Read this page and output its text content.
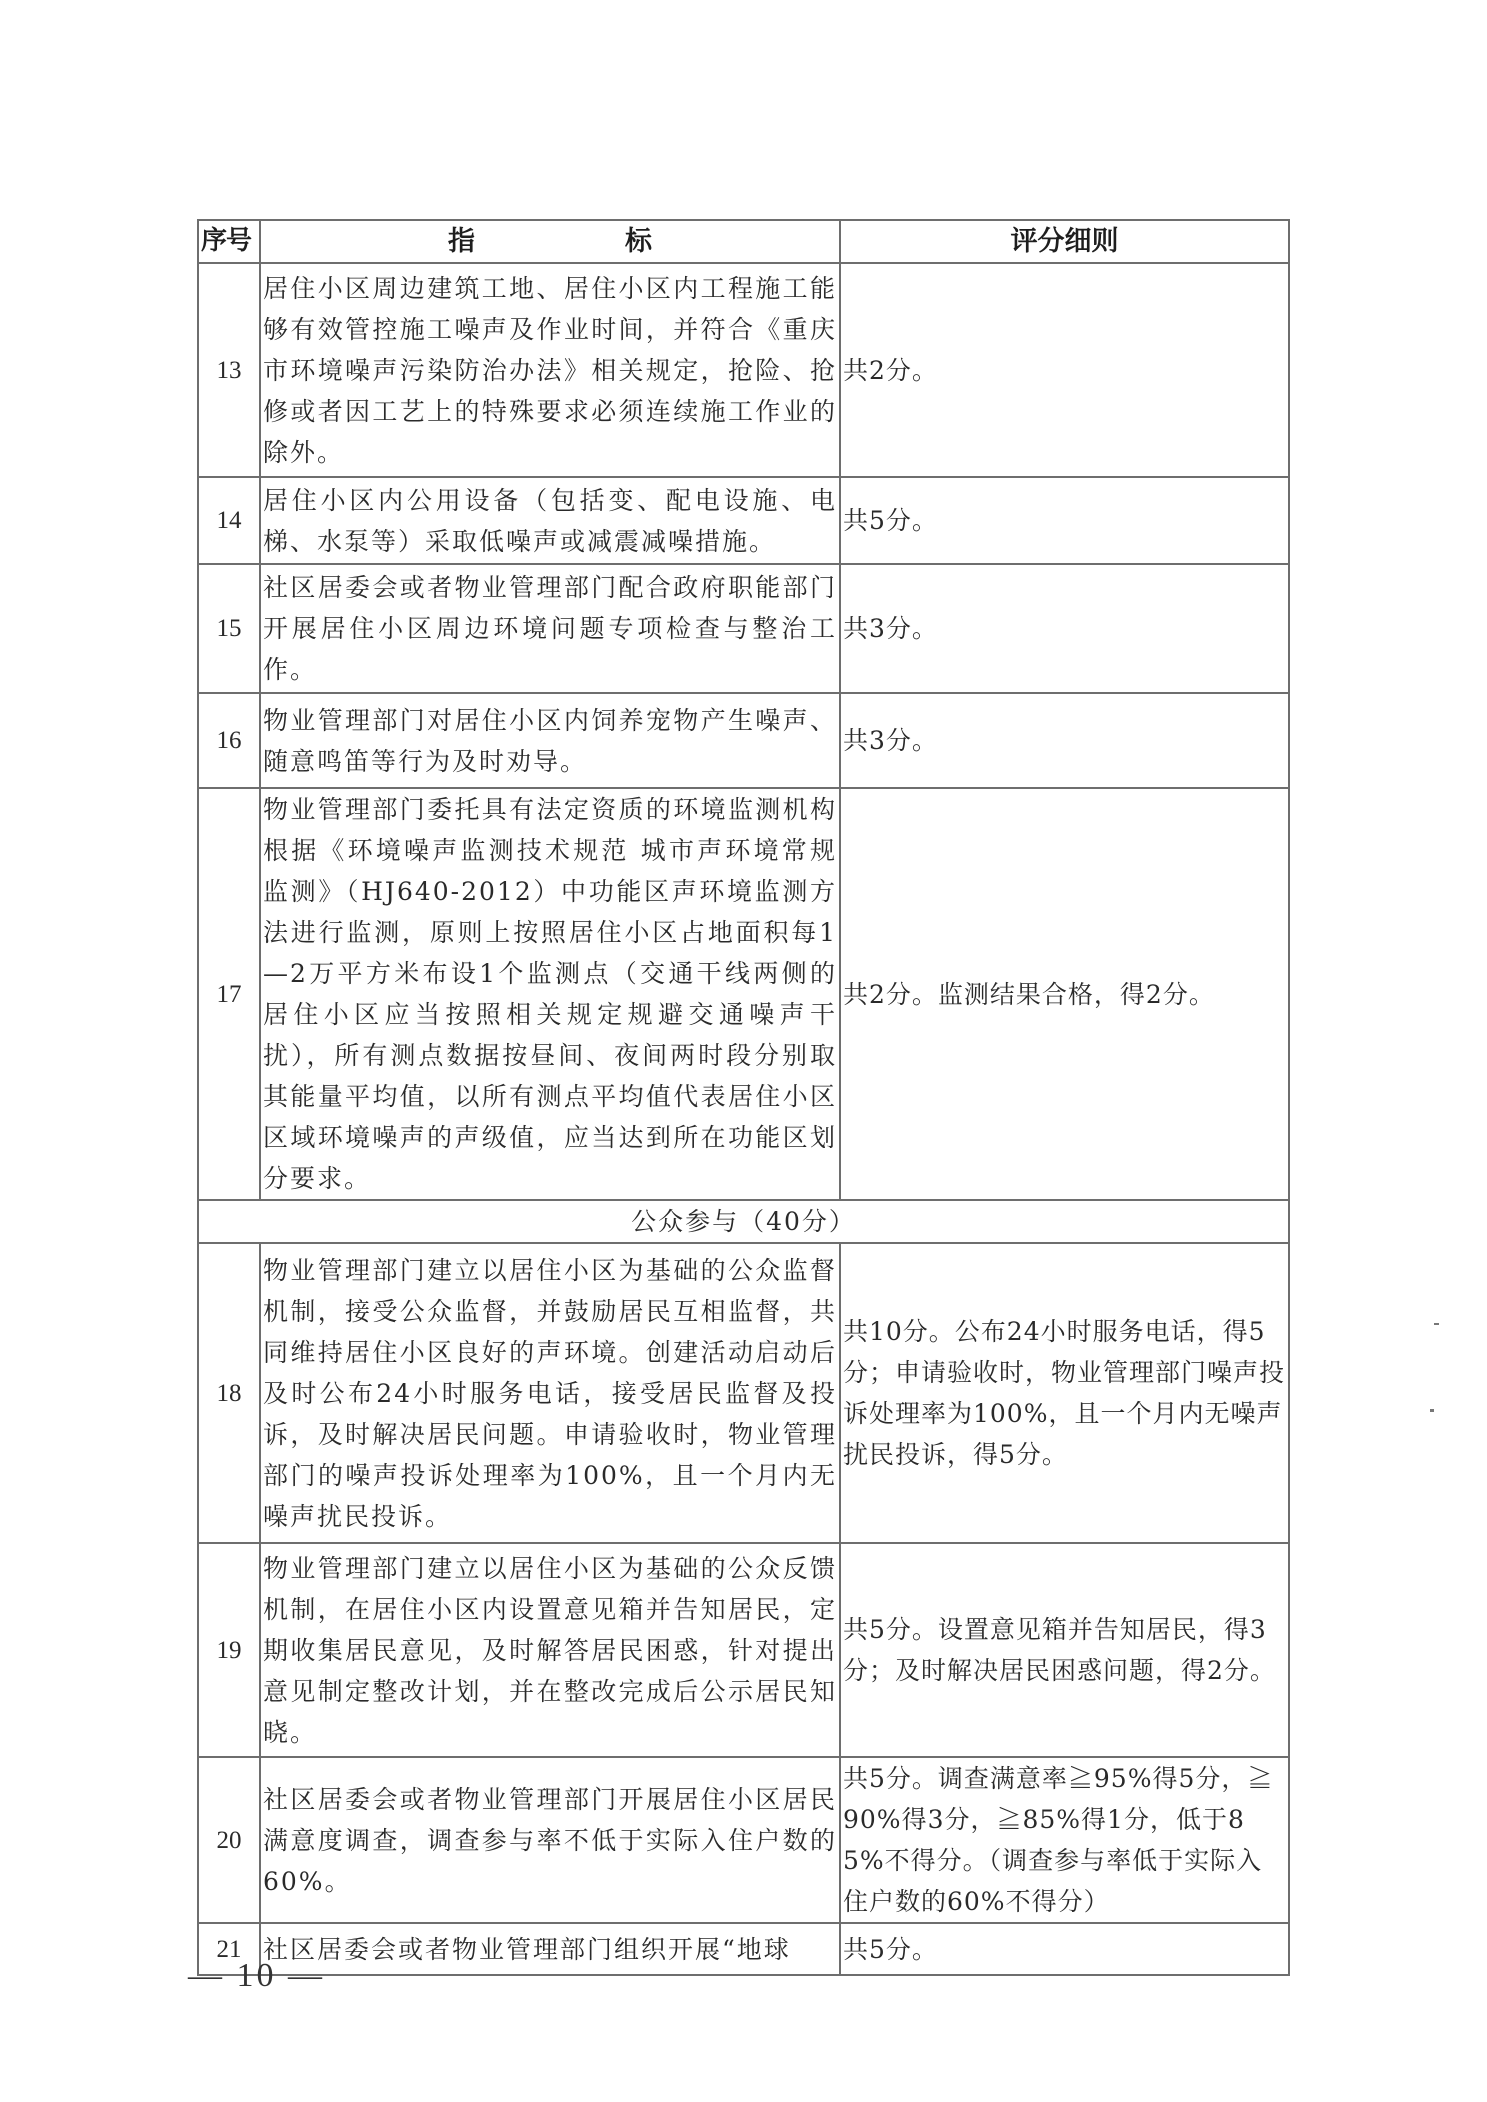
序号	指 标	评分细则
13	居住小区周边建筑工地、居住小区内工程施工能够有效管控施工噪声及作业时间，并符合《重庆市环境噪声污染防治办法》相关规定，抢险、抢修或者因工艺上的特殊要求必须连续施工作业的除外。	共2分。
14	居住小区内公用设备（包括变、配电设施、电梯、水泵等）采取低噪声或减震减噪措施。	共5分。
15	社区居委会或者物业管理部门配合政府职能部门开展居住小区周边环境问题专项检查与整治工作。	共3分。
16	物业管理部门对居住小区内饲养宠物产生噪声、随意鸣笛等行为及时劝导。	共3分。
17	物业管理部门委托具有法定资质的环境监测机构根据《环境噪声监测技术规范 城市声环境常规监测》（HJ640-2012）中功能区声环境监测方法进行监测，原则上按照居住小区占地面积每1—2万平方米布设1个监测点（交通干线两侧的居住小区应当按照相关规定规避交通噪声干扰），所有测点数据按昼间、夜间两时段分别取其能量平均值，以所有测点平均值代表居住小区区域环境噪声的声级值，应当达到所在功能区划分要求。	共2分。监测结果合格，得2分。
公众参与（40分）		
18	物业管理部门建立以居住小区为基础的公众监督机制，接受公众监督，并鼓励居民互相监督，共同维持居住小区良好的声环境。创建活动启动后及时公布24小时服务电话，接受居民监督及投诉，及时解决居民问题。申请验收时，物业管理部门的噪声投诉处理率为100%，且一个月内无噪声扰民投诉。	共10分。公布24小时服务电话，得5分；申请验收时，物业管理部门噪声投诉处理率为100%，且一个月内无噪声扰民投诉，得5分。
19	物业管理部门建立以居住小区为基础的公众反馈机制，在居住小区内设置意见箱并告知居民，定期收集居民意见，及时解答居民困惑，针对提出意见制定整改计划，并在整改完成后公示居民知晓。	共5分。设置意见箱并告知居民，得3分；及时解决居民困惑问题，得2分。
20	社区居委会或者物业管理部门开展居住小区居民满意度调查，调查参与率不低于实际入住户数的60%。	共5分。调查满意率≧95%得5分，≧90%得3分，≧85%得1分，低于85%不得分。（调查参与率低于实际入住户数的60%不得分）
21	社区居委会或者物业管理部门组织开展“地球	共5分。
— 10 —
